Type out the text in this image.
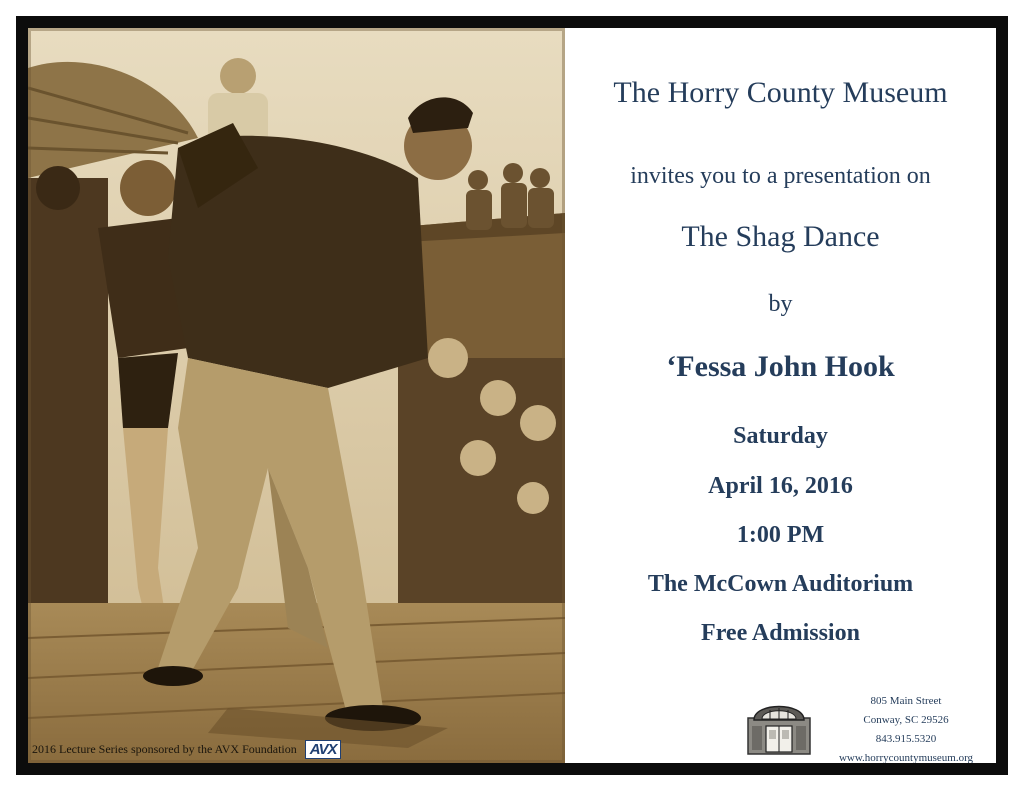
2016 Lecture Series sponsored by the AVX Foundation AVX
The Horry County Museum
invites you to a presentation on
The Shag Dance
by
‘Fessa John Hook
Saturday
April 16, 2016
1:00 PM
The McCown Auditorium
Free Admission
805 Main Street
Conway, SC 29526
843.915.5320
www.horrycountymuseum.org
